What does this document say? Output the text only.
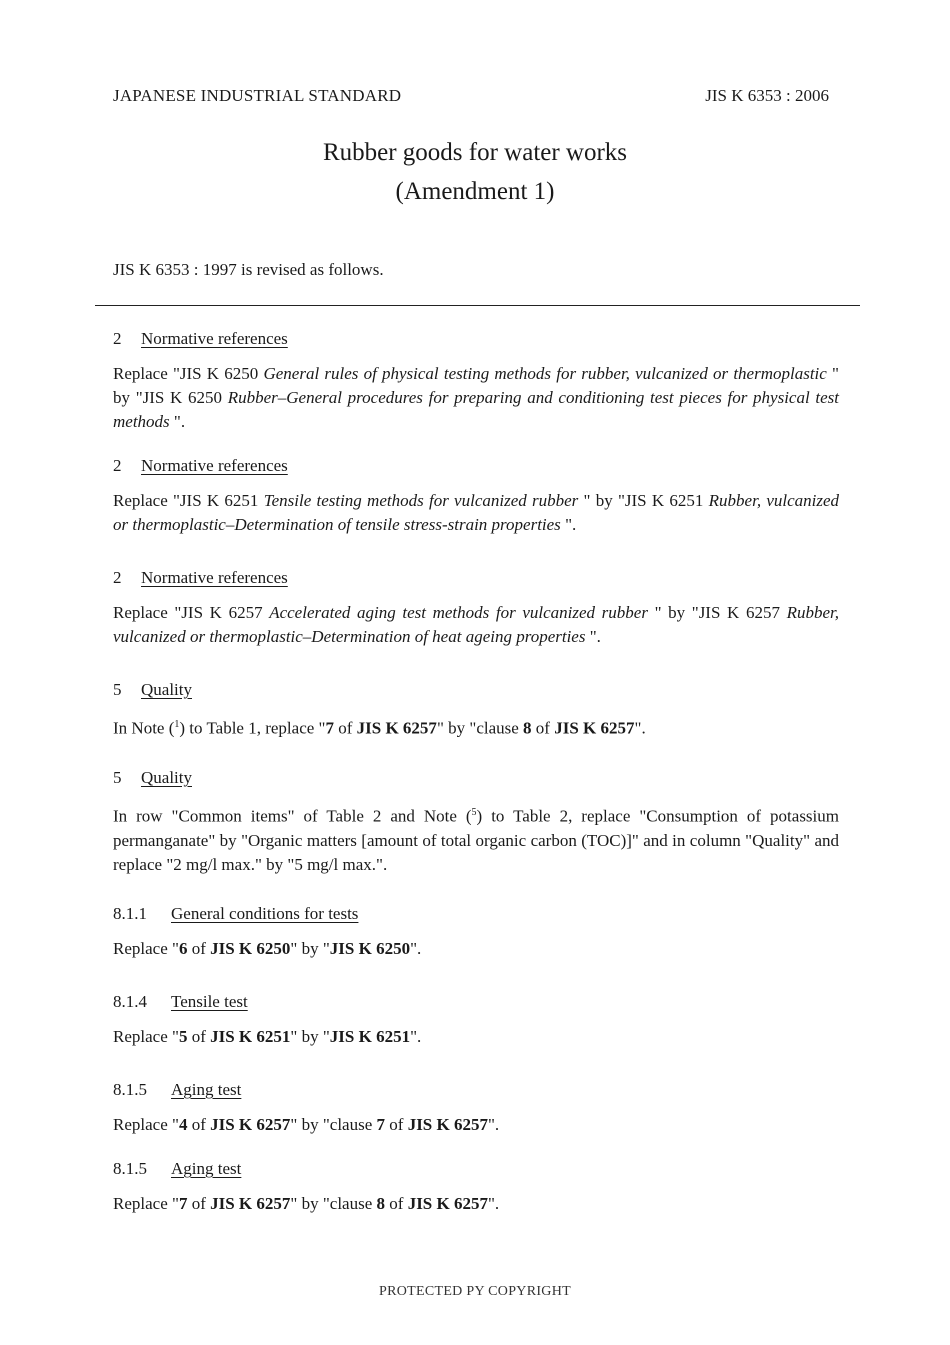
JAPANESE INDUSTRIAL STANDARD	JIS K 6353 : 2006
Rubber goods for water works
(Amendment 1)
JIS K 6353 : 1997 is revised as follows.
2 Normative references
Replace "JIS K 6250 General rules of physical testing methods for rubber, vulcanized or thermoplastic " by "JIS K 6250 Rubber–General procedures for preparing and conditioning test pieces for physical test methods ".
2 Normative references
Replace "JIS K 6251 Tensile testing methods for vulcanized rubber " by "JIS K 6251 Rubber, vulcanized or thermoplastic–Determination of tensile stress-strain properties ".
2 Normative references
Replace "JIS K 6257 Accelerated aging test methods for vulcanized rubber " by "JIS K 6257 Rubber, vulcanized or thermoplastic–Determination of heat ageing properties ".
5 Quality
In Note ($^1$) to Table 1, replace "7 of JIS K 6257" by "clause 8 of JIS K 6257".
5 Quality
In row "Common items" of Table 2 and Note ($^5$) to Table 2, replace "Consumption of potassium permanganate" by "Organic matters [amount of total organic carbon (TOC)]" and in column "Quality" and replace "2 mg/l max." by "5 mg/l max.".
8.1.1 General conditions for tests
Replace "6 of JIS K 6250" by "JIS K 6250".
8.1.4 Tensile test
Replace "5 of JIS K 6251" by "JIS K 6251".
8.1.5 Aging test
Replace "4 of JIS K 6257" by "clause 7 of JIS K 6257".
8.1.5 Aging test
Replace "7 of JIS K 6257" by "clause 8 of JIS K 6257".
PROTECTED PY COPYRIGHT
